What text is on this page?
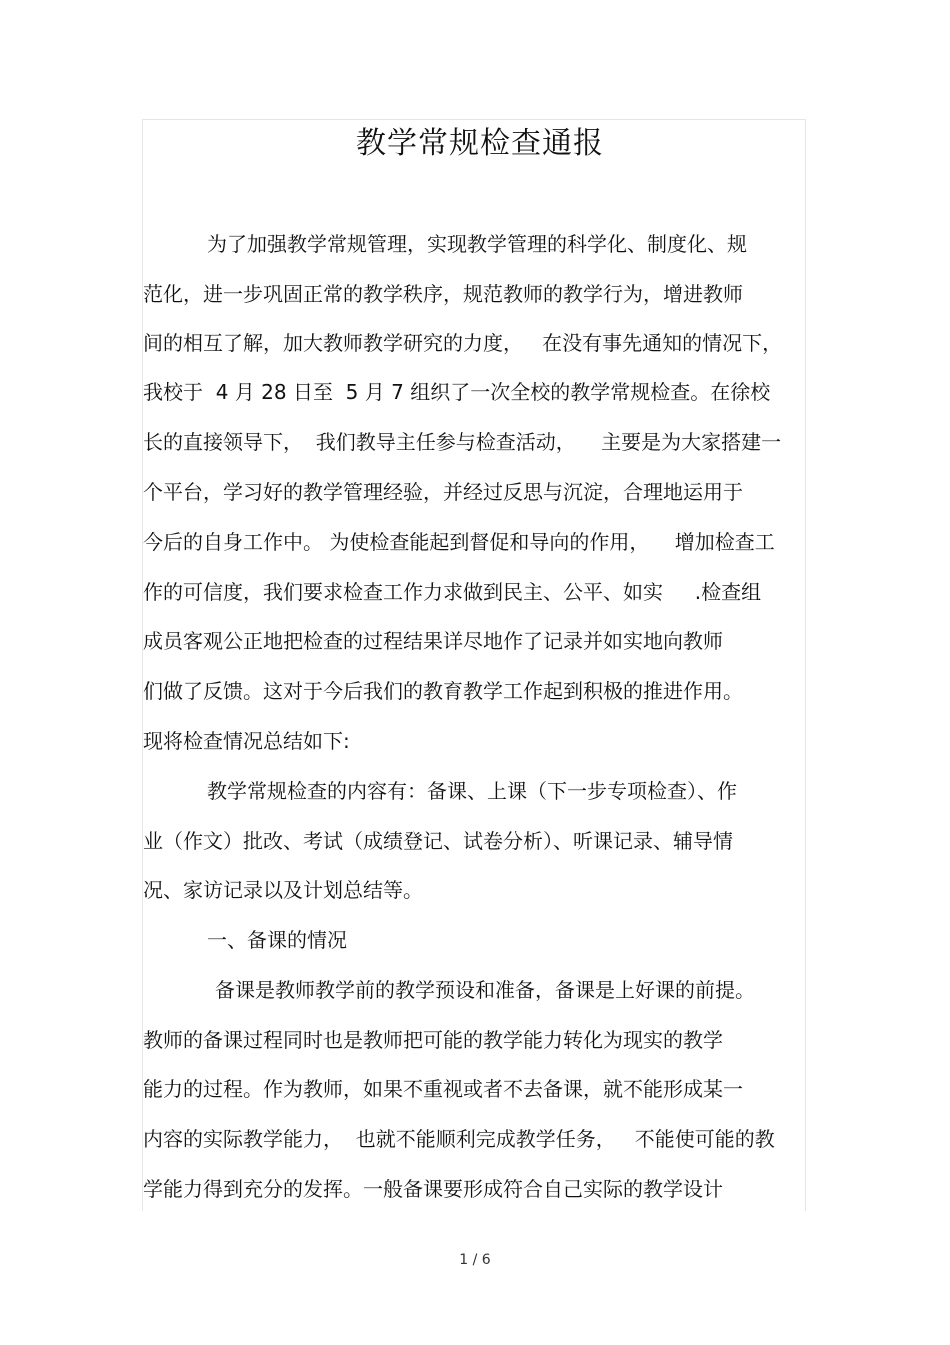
教学常规检查通报
为了加强教学常规管理，实现教学管理的科学化、制度化、规
范化，进一步巩固正常的教学秩序，规范教师的教学行为，增进教师
间的相互了解，加大教师教学研究的力度，   在没有事先通知的情况下，
我校于  4 月 28 日至  5 月 7 组织了一次全校的教学常规检查。在徐校
长的直接领导下，  我们教导主任参与检查活动，    主要是为大家搭建一
个平台，学习好的教学管理经验，并经过反思与沉淀，合理地运用于
今后的自身工作中。 为使检查能起到督促和导向的作用，    增加检查工
作的可信度，我们要求检查工作力求做到民主、公平、如实     .检查组
成员客观公正地把检查的过程结果详尽地作了记录并如实地向教师
们做了反馈。这对于今后我们的教育教学工作起到积极的推进作用。
现将检查情况总结如下:
教学常规检查的内容有：备课、上课（下一步专项检查）、作
业（作文）批改、考试（成绩登记、试卷分析）、听课记录、辅导情
况、家访记录以及计划总结等。
一、备课的情况
备课是教师教学前的教学预设和准备，备课是上好课的前提。
教师的备课过程同时也是教师把可能的教学能力转化为现实的教学
能力的过程。作为教师，如果不重视或者不去备课，就不能形成某一
内容的实际教学能力，  也就不能顺利完成教学任务，   不能使可能的教
学能力得到充分的发挥。一般备课要形成符合自己实际的教学设计
1 / 6
